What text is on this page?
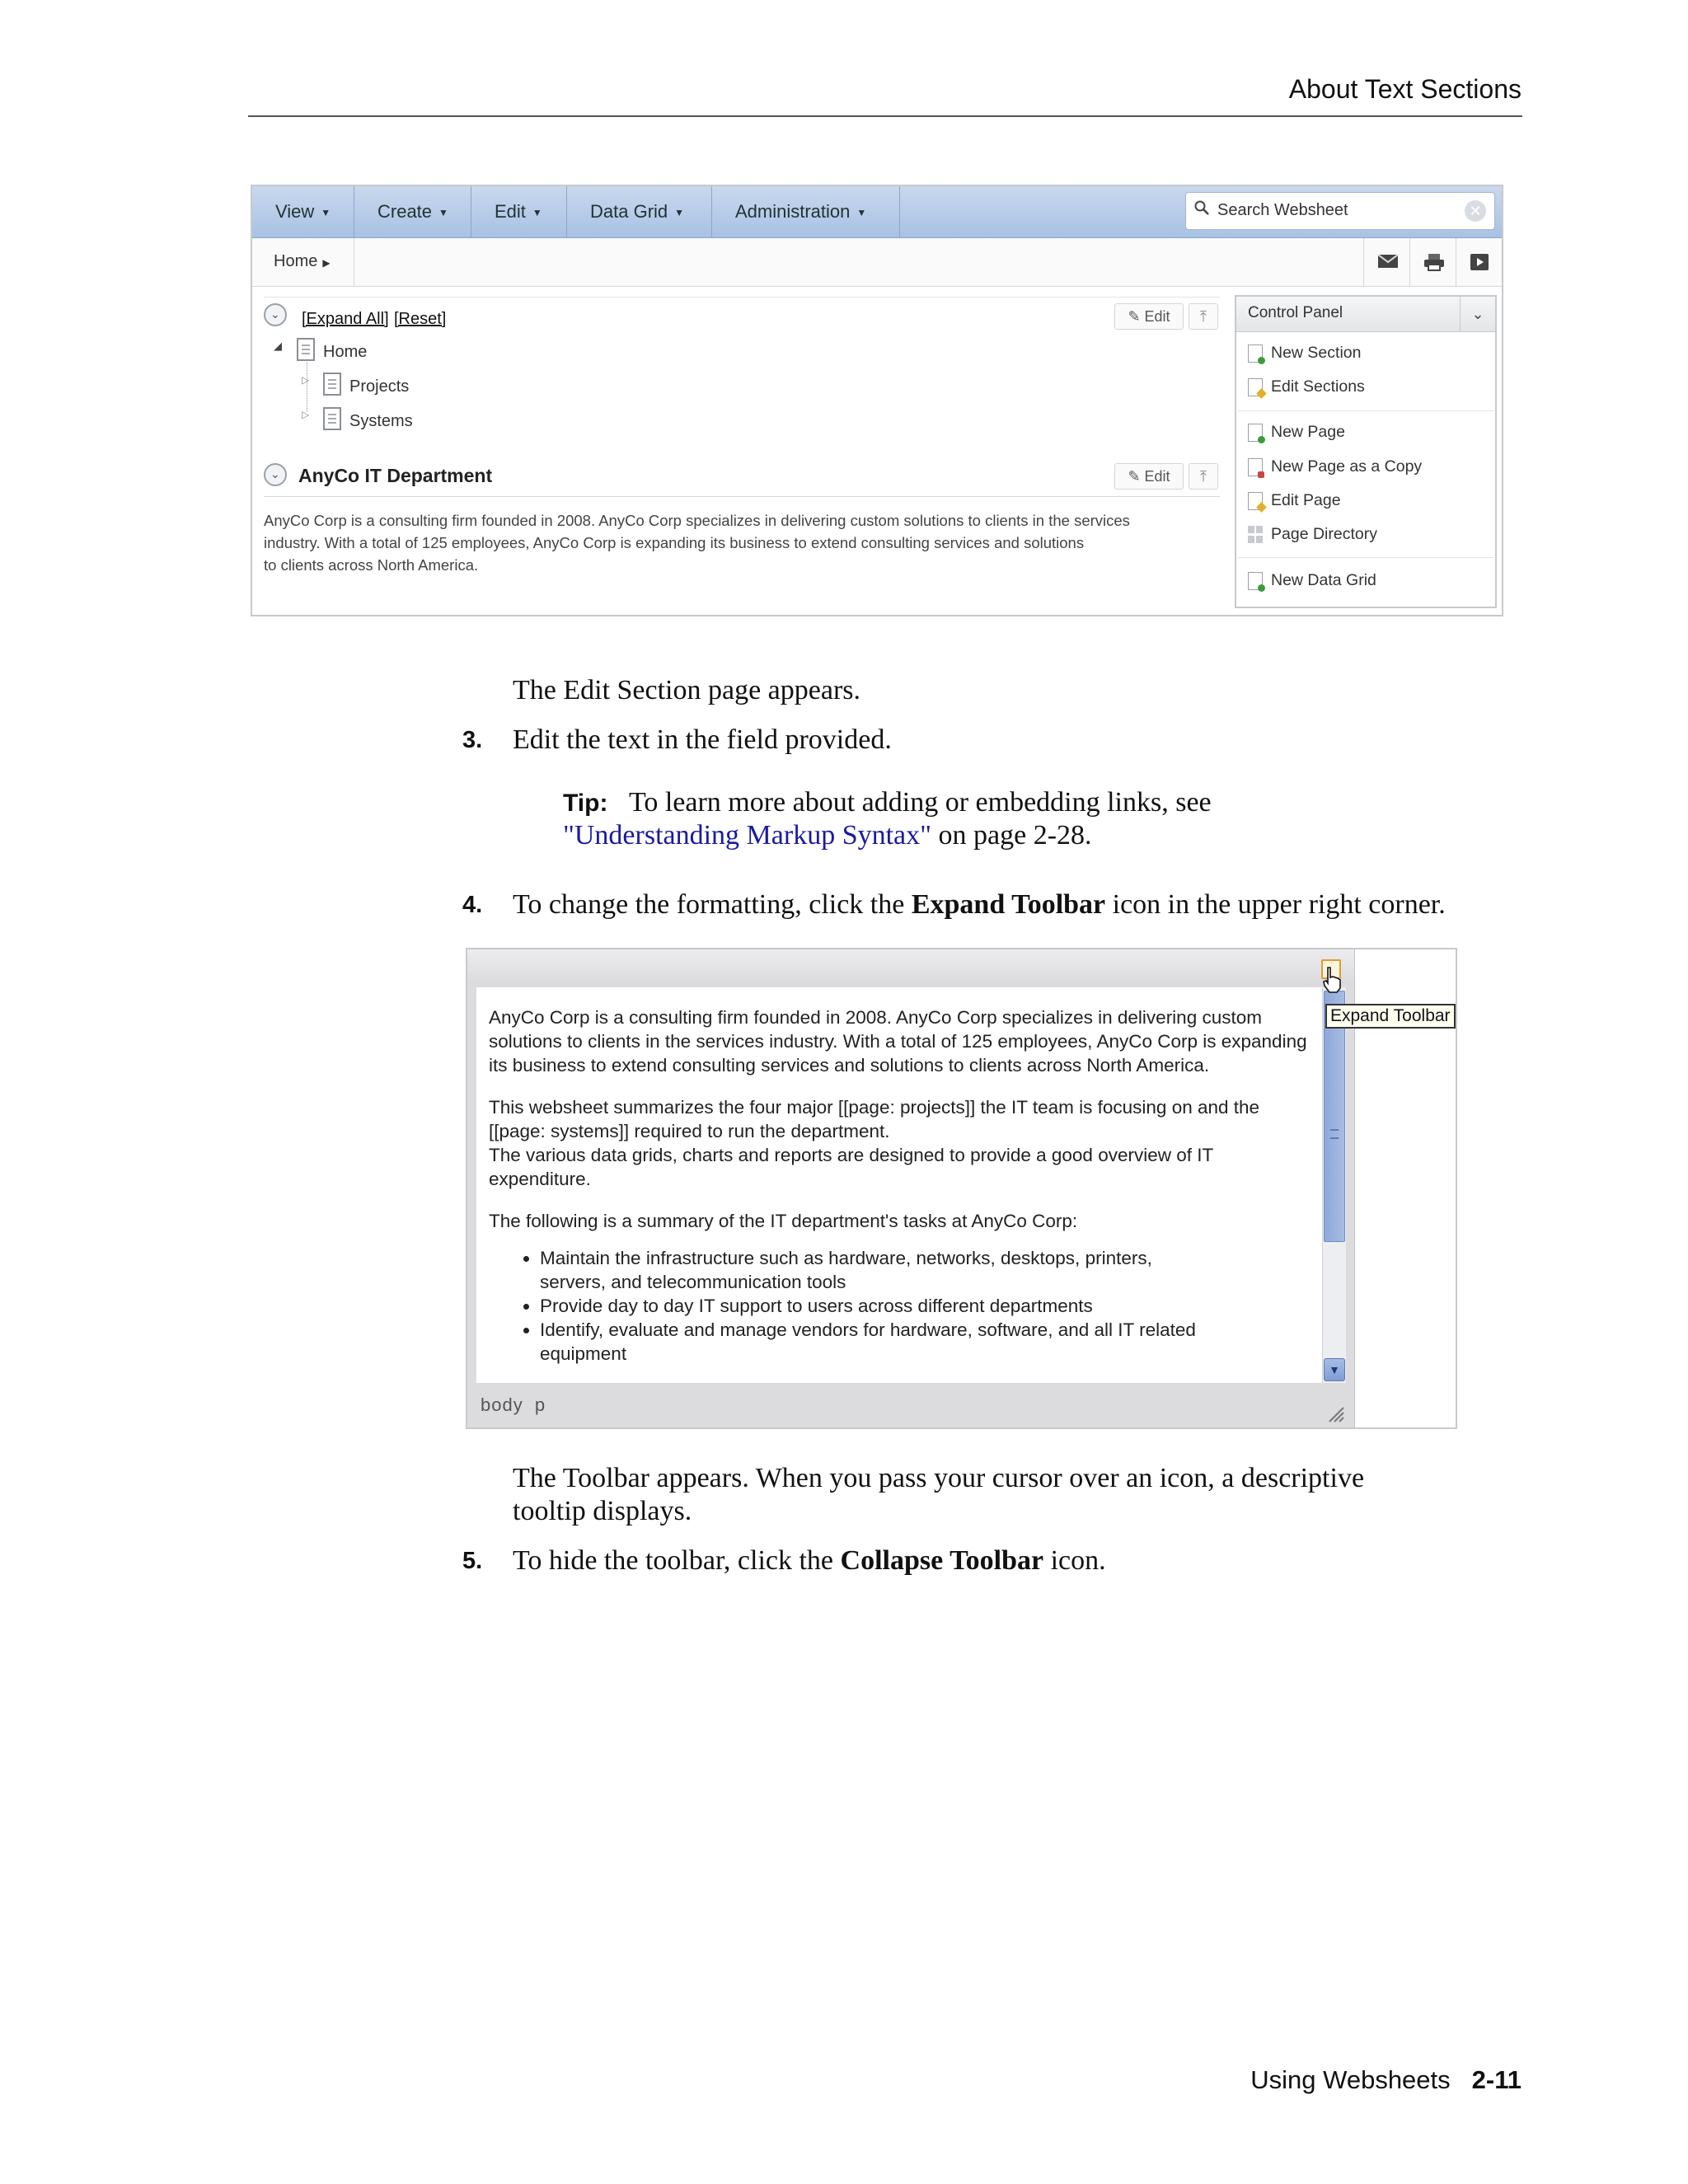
About Text Sections
View ▼	Create ▼	Edit ▼	Data Grid ▼	Administration ▼	Search Websheet	✕
Home ▶
⌄ [Expand All] [Reset]	✎ Edit	⤒
◢	Home
▷ Projects
▷ Systems
⌄ AnyCo IT Department	✎ Edit	⤒
AnyCo Corp is a consulting firm founded in 2008. AnyCo Corp specializes in delivering custom solutions to clients in the services
industry. With a total of 125 employees, AnyCo Corp is expanding its business to extend consulting services and solutions
to clients across North America.
Control Panel	⌄
New Section
Edit Sections
New Page
New Page as a Copy
Edit Page
Page Directory
New Data Grid
The Edit Section page appears.
3. Edit the text in the field provided.
Tip: To learn more about adding or embedding links, see
"Understanding Markup Syntax" on page 2-28.
4. To change the formatting, click the Expand Toolbar icon in the upper right corner.

AnyCo Corp is a consulting firm founded in 2008. AnyCo Corp specializes in delivering custom solutions to clients in the services industry. With a total of 125 employees, AnyCo Corp is expanding its business to extend consulting services and solutions to clients across North America.

This websheet summarizes the four major [[page: projects]] the IT team is focusing on and the [[page: systems]] required to run the department.
The various data grids, charts and reports are designed to provide a good overview of IT expenditure.

The following is a summary of the IT department's tasks at AnyCo Corp:

• Maintain the infrastructure such as hardware, networks, desktops, printers, servers, and telecommunication tools
• Provide day to day IT support to users across different departments
• Identify, evaluate and manage vendors for hardware, software, and all IT related equipment
▼
body  p
Expand Toolbar
The Toolbar appears. When you pass your cursor over an icon, a descriptive
tooltip displays.
5. To hide the toolbar, click the Collapse Toolbar icon.
Using Websheets 2-11
